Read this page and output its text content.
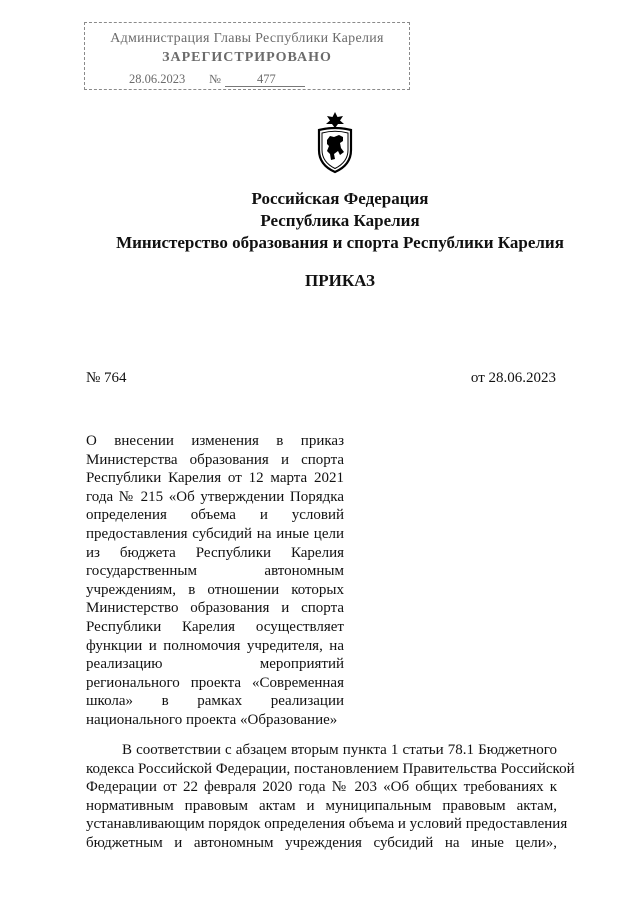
Администрация Главы Республики Карелия
ЗАРЕГИСТРИРОВАНО
28.06.2023 №	477
Российская Федерация
Республика Карелия
Министерство образования и спорта Республики Карелия
ПРИКАЗ
№ 764	от 28.06.2023
О внесении изменения в приказ
Министерства образования и спорта
Республики Карелия от 12 марта 2021
года № 215 «Об утверждении Порядка
определения объема и условий
предоставления субсидий на иные цели
из бюджета Республики Карелия
государственным автономным
учреждениям, в отношении которых
Министерство образования и спорта
Республики Карелия осуществляет
функции и полномочия учредителя, на
реализацию мероприятий
регионального проекта «Современная
школа» в рамках реализации
национального проекта «Образование»
В соответствии с абзацем вторым пункта 1 статьи 78.1 Бюджетного
кодекса Российской Федерации, постановлением Правительства Российской
Федерации от 22 февраля 2020 года № 203 «Об общих требованиях к
нормативным правовым актам и муниципальным правовым актам,
устанавливающим порядок определения объема и условий предоставления
бюджетным и автономным учреждения субсидий на иные цели»,
